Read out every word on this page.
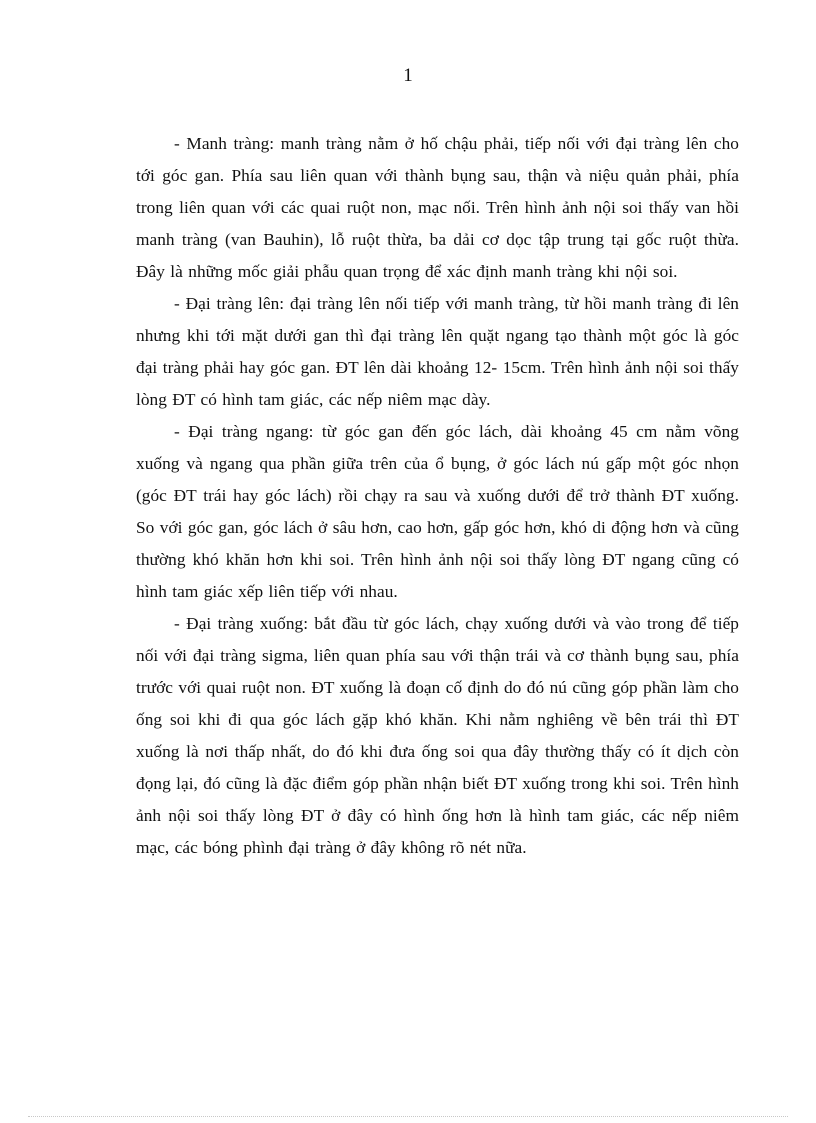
1

- Manh tràng: manh tràng nằm ở hố chậu phải, tiếp nối với đại tràng lên cho tới góc gan. Phía sau liên quan với thành bụng sau, thận và niệu quản phải, phía trong liên quan với các quai ruột non, mạc nối. Trên hình ảnh nội soi thấy van hồi manh tràng (van Bauhin), lỗ ruột thừa, ba dải cơ dọc tập trung tại gốc ruột thừa. Đây là những mốc giải phẫu quan trọng để xác định manh tràng khi nội soi.

- Đại tràng lên: đại tràng lên nối tiếp với manh tràng, từ hồi manh tràng đi lên nhưng khi tới mặt dưới gan thì đại tràng lên quặt ngang tạo thành một góc là góc đại tràng phải hay góc gan. ĐT lên dài khoảng 12- 15cm. Trên hình ảnh nội soi thấy lòng ĐT có hình tam giác, các nếp niêm mạc dày.

- Đại tràng ngang: từ góc gan đến góc lách, dài khoảng 45 cm nằm võng xuống và ngang qua phần giữa trên của ổ bụng, ở góc lách nú gấp một góc nhọn (góc ĐT trái hay góc lách) rồi chạy ra sau và xuống dưới để trở thành ĐT xuống. So với góc gan, góc lách ở sâu hơn, cao hơn, gấp góc hơn, khó di động hơn và cũng thường khó khăn hơn khi soi. Trên hình ảnh nội soi thấy lòng ĐT ngang cũng có hình tam giác xếp liên tiếp với nhau.

- Đại tràng xuống: bắt đầu từ góc lách, chạy xuống dưới và vào trong để tiếp nối với đại tràng sigma, liên quan phía sau với thận trái và cơ thành bụng sau, phía trước với quai ruột non. ĐT xuống là đoạn cố định do đó nú cũng góp phần làm cho ống soi khi đi qua góc lách gặp khó khăn. Khi nằm nghiêng về bên trái thì ĐT xuống là nơi thấp nhất, do đó khi đưa ống soi qua đây thường thấy có ít dịch còn đọng lại, đó cũng là đặc điểm góp phần nhận biết ĐT xuống trong khi soi. Trên hình ảnh nội soi thấy lòng ĐT ở đây có hình ống hơn là hình tam giác, các nếp niêm mạc, các bóng phình đại tràng ở đây không rõ nét nữa.
